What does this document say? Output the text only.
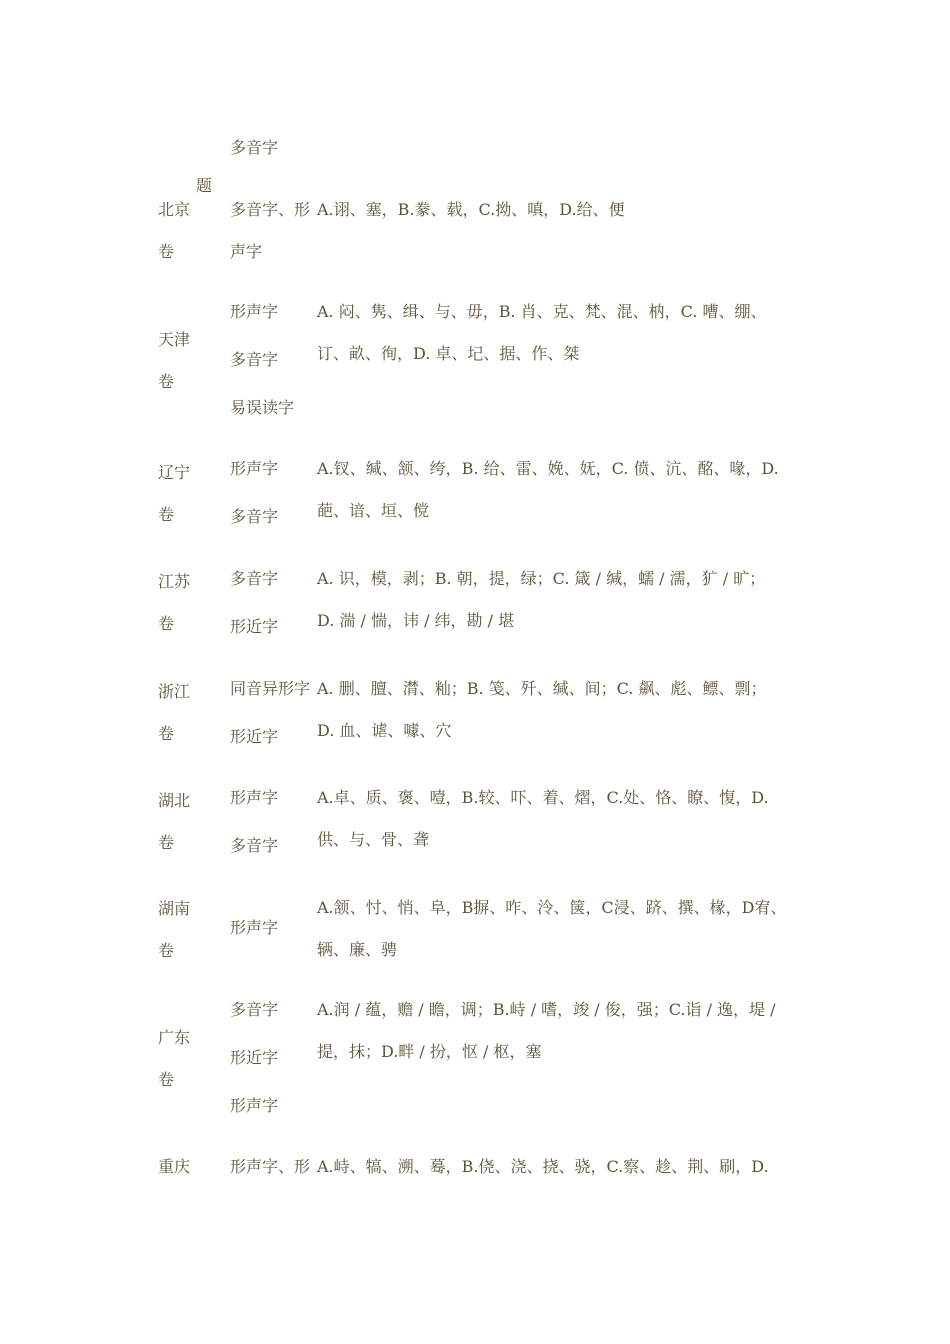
多音字
题
北京
卷
多音字、形
声字
A.诩、塞，B.豢、载，C.拗、嗔，D.给、便
天津
卷
形声字
多音字
易误读字
A. 闷、隽、缉、与、毋，B. 肖、克、梵、混、枘，C. 嘈、绷、
订、畝、徇，D. 卓、圮、据、作、桀
辽宁
卷
形声字
多音字
A.钗、缄、颔、绔，B. 给、雷、娩、妩，C. 偾、沆、酩、喙，D.
葩、谙、垣、傥
江苏
卷
多音字
形近字
A. 识，模，剥；B. 朝，提，绿；C. 箴 / 缄，蠕 / 濡，犷 / 旷；
D. 湍 / 惴，讳 / 纬，勘 / 堪
浙江
卷
同音异形字
形近字
A. 删、膻、潸、籼；B. 笺、歼、缄、间；C. 飙、彪、鳔、剽；
D. 血、谑、噱、穴
湖北
卷
形声字
多音字
A.卓、质、褒、噎，B.较、吓、着、熠，C.处、恪、瞭、愎，D.
供、与、骨、聋
湖南
卷
形声字
A.颔、忖、悄、阜，B摒、咋、泠、箧，C浸、跻、撰、椽，D宥、
辆、廉、骋
广东
卷
多音字
形近字
形声字
A.润 / 蕴，赡 / 瞻，调；B.峙 / 嗜，竣 / 俊，强；C.诣 / 逸，堤 /
提，抹；D.畔 / 扮，怄 / 枢，塞
重庆 形声字、形 A.峙、犒、溯、蓦，B.侥、浇、挠、骁，C.察、趁、荆、刷，D.
